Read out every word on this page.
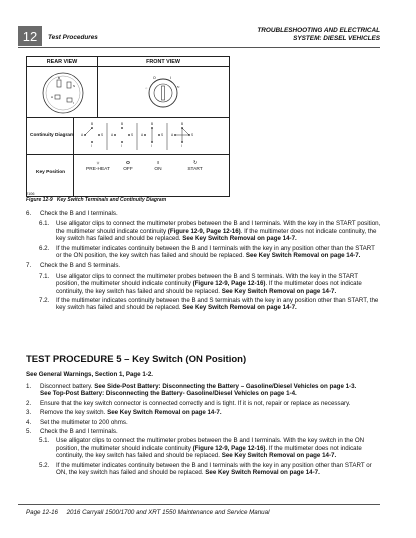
12	Test Procedures
TROUBLESHOOTING AND ELECTRICAL
SYSTEM: DIESEL VEHICLES
REAR VIEW	FRONT VIEW
B
S
A
I
☼
O	I
↻
Continuity Diagram
B
A	S
I
B
A	S
I
B
A	S
I
B
A	S
I
Key Position
☼
PRE-HEAT
O
OFF
I
ON
↻
START
2106
Figure 12-9 Key Switch Terminals and Continuity Diagram
6.	Check the B and I terminals.
6.1.	Use alligator clips to connect the multimeter probes between the B and I terminals. With the key in the START position, the multimeter should indicate continuity (Figure 12-9, Page 12-16). If the multimeter does not indicate continuity, the key switch has failed and should be replaced. See Key Switch Removal on page 14-7.
6.2.	If the multimeter indicates continuity between the B and I terminals with the key in any position other than the START or the ON position, the key switch has failed and should be replaced. See Key Switch Removal on page 14-7.
7.	Check the B and S terminals.
7.1.	Use alligator clips to connect the multimeter probes between the B and S terminals. With the key in the START position, the multimeter should indicate continuity (Figure 12-9, Page 12-16). If the multimeter does not indicate continuity, the key switch has failed and should be replaced. See Key Switch Removal on page 14-7.
7.2.	If the multimeter indicates continuity between the B and S terminals with the key in any position other than START, the key switch has failed and should be replaced. See Key Switch Removal on page 14-7.
TEST PROCEDURE 5 – Key Switch (ON Position)
See General Warnings, Section 1, Page 1-2.
1.	Disconnect battery. See Side-Post Battery: Disconnecting the Battery – Gasoline/Diesel Vehicles on page 1-3.
See Top-Post Battery: Disconnecting the Battery- Gasoline/Diesel Vehicles on page 1-4.
2.	Ensure that the key switch connector is connected correctly and is tight. If it is not, repair or replace as necessary.
3.	Remove the key switch. See Key Switch Removal on page 14-7.
4.	Set the multimeter to 200 ohms.
5.	Check the B and I terminals.
5.1.	Use alligator clips to connect the multimeter probes between the B and I terminals. With the key switch in the ON position, the multimeter should indicate continuity (Figure 12-9, Page 12-16). If the multimeter does not indicate continuity, the key switch has failed and should be replaced. See Key Switch Removal on page 14-7.
5.2.	If the multimeter indicates continuity between the B and I terminals with the key in any position other than START or ON, the key switch has failed and should be replaced. See Key Switch Removal on page 14-7.
Page 12-16 2016 Carryall 1500/1700 and XRT 1550 Maintenance and Service Manual
